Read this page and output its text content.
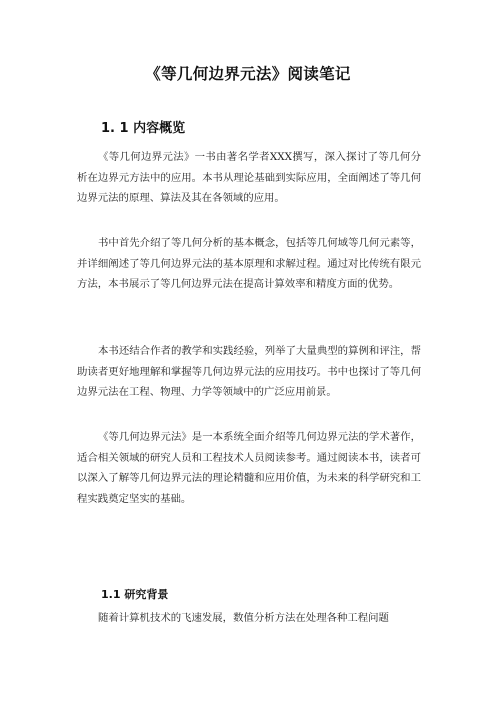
《等几何边界元法》阅读笔记
1. 1 内容概览

《等几何边界元法》一书由著名学者XXX撰写，深入探讨了等几何分析在边界元方法中的应用。本书从理论基础到实际应用，全面阐述了等几何边界元法的原理、算法及其在各领域的应用。

书中首先介绍了等几何分析的基本概念，包括等几何域等几何元素等，并详细阐述了等几何边界元法的基本原理和求解过程。通过对比传统有限元方法，本书展示了等几何边界元法在提高计算效率和精度方面的优势。

本书还结合作者的教学和实践经验，列举了大量典型的算例和评注，帮助读者更好地理解和掌握等几何边界元法的应用技巧。书中也探讨了等几何边界元法在工程、物理、力学等领域中的广泛应用前景。

《等几何边界元法》是一本系统全面介绍等几何边界元法的学术著作，适合相关领域的研究人员和工程技术人员阅读参考。通过阅读本书，读者可以深入了解等几何边界元法的理论精髓和应用价值，为未来的科学研究和工程实践奠定坚实的基础。

1.1 研究背景

随着计算机技术的飞速发展，数值分析方法在处理各种工程问题
